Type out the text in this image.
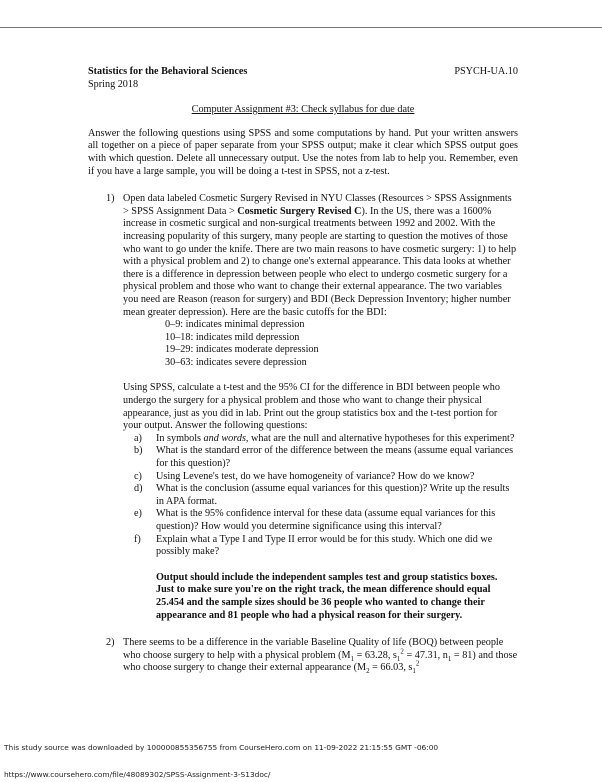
Statistics for the Behavioral Sciences	PSYCH-UA.10
Spring 2018
Computer Assignment #3: Check syllabus for due date
Answer the following questions using SPSS and some computations by hand. Put your written answers all together on a piece of paper separate from your SPSS output; make it clear which SPSS output goes with which question. Delete all unnecessary output. Use the notes from lab to help you. Remember, even if you have a large sample, you will be doing a t-test in SPSS, not a z-test.
1) Open data labeled Cosmetic Surgery Revised in NYU Classes (Resources > SPSS Assignments > SPSS Assignment Data > Cosmetic Surgery Revised C). In the US, there was a 1600% increase in cosmetic surgical and non-surgical treatments between 1992 and 2002. With the increasing popularity of this surgery, many people are starting to question the motives of those who want to go under the knife. There are two main reasons to have cosmetic surgery: 1) to help with a physical problem and 2) to change one's external appearance. This data looks at whether there is a difference in depression between people who elect to undergo cosmetic surgery for a physical problem and those who want to change their external appearance. The two variables you need are Reason (reason for surgery) and BDI (Beck Depression Inventory; higher number mean greater depression). Here are the basic cutoffs for the BDI:
0–9: indicates minimal depression
10–18: indicates mild depression
19–29: indicates moderate depression
30–63: indicates severe depression
Using SPSS, calculate a t-test and the 95% CI for the difference in BDI between people who undergo the surgery for a physical problem and those who want to change their physical appearance, just as you did in lab. Print out the group statistics box and the t-test portion for your output. Answer the following questions:
a) In symbols and words, what are the null and alternative hypotheses for this experiment?
b) What is the standard error of the difference between the means (assume equal variances for this question)?
c) Using Levene's test, do we have homogeneity of variance? How do we know?
d) What is the conclusion (assume equal variances for this question)? Write up the results in APA format.
e) What is the 95% confidence interval for these data (assume equal variances for this question)? How would you determine significance using this interval?
f) Explain what a Type I and Type II error would be for this study. Which one did we possibly make?
Output should include the independent samples test and group statistics boxes. Just to make sure you're on the right track, the mean difference should equal 25.454 and the sample sizes should be 36 people who wanted to change their appearance and 81 people who had a physical reason for their surgery.
2) There seems to be a difference in the variable Baseline Quality of life (BOQ) between people who choose surgery to help with a physical problem ($M_1 = 63.28$, $s_1^2 = 47.31$, $n_1 = 81$) and those who choose surgery to change their external appearance ($M_2 = 66.03$, $s_1^2$
This study source was downloaded by 100000855356755 from CourseHero.com on 11-09-2022 21:15:55 GMT -06:00
https://www.coursehero.com/file/48089302/SPSS-Assignment-3-S13doc/
